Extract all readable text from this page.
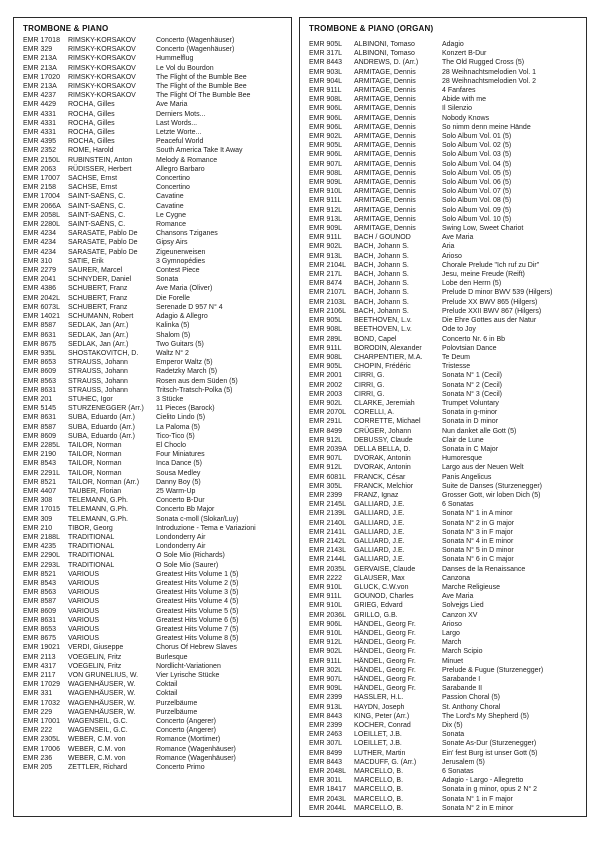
TROMBONE & PIANO
EMR 17018	RIMSKY-KORSAKOV	Concerto (Wagenhäuser)
EMR 329	RIMSKY-KORSAKOV	Concerto (Wagenhäuser)
EMR 213A	RIMSKY-KORSAKOV	Hummelflug
EMR 213A	RIMSKY-KORSAKOV	Le Vol du Bourdon
EMR 17020	RIMSKY-KORSAKOV	The Flight of the Bumble Bee
EMR 213A	RIMSKY-KORSAKOV	The Flight of the Bumble Bee
EMR 4237	RIMSKY-KORSAKOV	The Flight Of The Bumble Bee
EMR 4429	ROCHA, Gilles	Ave Maria
EMR 4331	ROCHA, Gilles	Derniers Mots...
EMR 4331	ROCHA, Gilles	Last Words...
EMR 4331	ROCHA, Gilles	Letzte Worte...
EMR 4395	ROCHA, Gilles	Peaceful World
EMR 2352	ROME, Harold	South America Take It Away
EMR 2150L	RUBINSTEIN, Anton	Melody & Romance
EMR 2063	RÜDISSER, Herbert	Allegro Barbaro
EMR 17007	SACHSE, Ernst	Concertino
EMR 2158	SACHSE, Ernst	Concertino
EMR 17004	SAINT-SAËNS, C.	Cavatine
EMR 2066A	SAINT-SAËNS, C.	Cavatine
EMR 2058L	SAINT-SAËNS, C.	Le Cygne
EMR 2280L	SAINT-SAËNS, C.	Romance
EMR 4234	SARASATE, Pablo De	Chansons Tziganes
EMR 4234	SARASATE, Pablo De	Gipsy Airs
EMR 4234	SARASATE, Pablo De	Zigeunerweisen
EMR 310	SATIE, Erik	3 Gymnopédies
EMR 2279	SAURER, Marcel	Contest Piece
EMR 2041	SCHNYDER, Daniel	Sonata
EMR 4386	SCHUBERT, Franz	Ave Maria (Oliver)
EMR 2042L	SCHUBERT, Franz	Die Forelle
EMR 6073L	SCHUBERT, Franz	Serenade D 957 N° 4
EMR 14021	SCHUMANN, Robert	Adagio & Allegro
EMR 8587	SEDLAK, Jan (Arr.)	Kalinka (5)
EMR 8631	SEDLAK, Jan (Arr.)	Shalom (5)
EMR 8675	SEDLAK, Jan (Arr.)	Two Guitars (5)
EMR 935L	SHOSTAKOVITCH, D.	Waltz N° 2
EMR 8653	STRAUSS, Johann	Emperor Waltz (5)
EMR 8609	STRAUSS, Johann	Radetzky March (5)
EMR 8563	STRAUSS, Johann	Rosen aus dem Süden (5)
EMR 8631	STRAUSS, Johann	Tritsch-Tratsch-Polka (5)
EMR 201	STUHEC, Igor	3 Stücke
EMR 5145	STURZENEGGER (Arr.)	11 Pieces (Barock)
EMR 8631	SUBA, Eduardo (Arr.)	Cielito Lindo (5)
EMR 8587	SUBA, Eduardo (Arr.)	La Paloma (5)
EMR 8609	SUBA, Eduardo (Arr.)	Tico-Tico (5)
EMR 2285L	TAILOR, Norman	El Choclo
EMR 2190	TAILOR, Norman	Four Miniatures
EMR 8543	TAILOR, Norman	Inca Dance (5)
EMR 2291L	TAILOR, Norman	Sousa Medley
EMR 8521	TAILOR, Norman (Arr.)	Danny Boy (5)
EMR 4407	TAUBER, Florian	25 Warm-Up
EMR 308	TELEMANN, G.Ph.	Concerto B-Dur
EMR 17015	TELEMANN, G.Ph.	Concerto Bb Major
EMR 309	TELEMANN, G.Ph.	Sonata c-moll (Slokar/Luy)
EMR 210	TIBOR, Georg	Introduzione - Tema e Variazioni
EMR 2188L	TRADITIONAL	Londonderry Air
EMR 4235	TRADITIONAL	Londonderry Air
EMR 2290L	TRADITIONAL	O Sole Mio (Richards)
EMR 2293L	TRADITIONAL	O Sole Mio (Saurer)
EMR 8521	VARIOUS	Greatest Hits Volume 1 (5)
EMR 8543	VARIOUS	Greatest Hits Volume 2 (5)
EMR 8563	VARIOUS	Greatest Hits Volume 3 (5)
EMR 8587	VARIOUS	Greatest Hits Volume 4 (5)
EMR 8609	VARIOUS	Greatest Hits Volume 5 (5)
EMR 8631	VARIOUS	Greatest Hits Volume 6 (5)
EMR 8653	VARIOUS	Greatest Hits Volume 7 (5)
EMR 8675	VARIOUS	Greatest Hits Volume 8 (5)
EMR 19021	VERDI, Giuseppe	Chorus Of Hebrew Slaves
EMR 2113	VOEGELIN, Fritz	Burlesque
EMR 4317	VOEGELIN, Fritz	Nordlicht-Variationen
EMR 2117	VON GRUNELIUS, W.	Vier Lyrische Stücke
EMR 17029	WAGENHÄUSER, W.	Coktail
EMR 331	WAGENHÄUSER, W.	Coktail
EMR 17032	WAGENHÄUSER, W.	Purzelbäume
EMR 229	WAGENHÄUSER, W.	Purzelbäume
EMR 17001	WAGENSEIL, G.C.	Concerto (Angerer)
EMR 222	WAGENSEIL, G.C.	Concerto (Angerer)
EMR 2305L	WEBER, C.M. von	Romance (Mortimer)
EMR 17006	WEBER, C.M. von	Romance (Wagenhäuser)
EMR 236	WEBER, C.M. von	Romance (Wagenhäuser)
EMR 205	ZETTLER, Richard	Concerto Primo
TROMBONE & PIANO (ORGAN)
EMR 905L	ALBINONI, Tomaso	Adagio
EMR 317L	ALBINONI, Tomaso	Konzert B-Dur
EMR 8443	ANDREWS, D. (Arr.)	The Old Rugged Cross (5)
EMR 903L	ARMITAGE, Dennis	28 Weihnachtsmelodien Vol. 1
EMR 904L	ARMITAGE, Dennis	28 Weihnachtsmelodien Vol. 2
EMR 911L	ARMITAGE, Dennis	4 Fanfares
EMR 908L	ARMITAGE, Dennis	Abide with me
EMR 906L	ARMITAGE, Dennis	Il Silenzio
EMR 906L	ARMITAGE, Dennis	Nobody Knows
EMR 906L	ARMITAGE, Dennis	So nimm denn meine Hände
EMR 902L	ARMITAGE, Dennis	Solo Album Vol. 01 (5)
EMR 905L	ARMITAGE, Dennis	Solo Album Vol. 02 (5)
EMR 906L	ARMITAGE, Dennis	Solo Album Vol. 03 (5)
EMR 907L	ARMITAGE, Dennis	Solo Album Vol. 04 (5)
EMR 908L	ARMITAGE, Dennis	Solo Album Vol. 05 (5)
EMR 909L	ARMITAGE, Dennis	Solo Album Vol. 06 (5)
EMR 910L	ARMITAGE, Dennis	Solo Album Vol. 07 (5)
EMR 911L	ARMITAGE, Dennis	Solo Album Vol. 08 (5)
EMR 912L	ARMITAGE, Dennis	Solo Album Vol. 09 (5)
EMR 913L	ARMITAGE, Dennis	Solo Album Vol. 10 (5)
EMR 909L	ARMITAGE, Dennis	Swing Low, Sweet Chariot
EMR 911L	BACH / GOUNOD	Ave Maria
EMR 902L	BACH, Johann S.	Aria
EMR 913L	BACH, Johann S.	Arioso
EMR 2104L	BACH, Johann S.	Chorale Prelude "Ich ruf zu Dir"
EMR 217L	BACH, Johann S.	Jesu, meine Freude (Reift)
EMR 8474	BACH, Johann S.	Lobe den Herrn (5)
EMR 2107L	BACH, Johann S.	Prelude D minor BWV 539 (Hilgers)
EMR 2103L	BACH, Johann S.	Prelude XX BWV 865 (Hilgers)
EMR 2106L	BACH, Johann S.	Prelude XXII BWV 867 (Hilgers)
EMR 905L	BEETHOVEN, L.v.	Die Ehre Gottes aus der Natur
EMR 908L	BEETHOVEN, L.v.	Ode to Joy
EMR 289L	BOND, Capel	Concerto Nr. 6 in Bb
EMR 911L	BORODIN, Alexander	Polovtsian Dance
EMR 908L	CHARPENTIER, M.A.	Te Deum
EMR 905L	CHOPIN, Frédéric	Tristesse
EMR 2001	CIRRI, G.	Sonata N° 1 (Cecil)
EMR 2002	CIRRI, G.	Sonata N° 2 (Cecil)
EMR 2003	CIRRI, G.	Sonata N° 3 (Cecil)
EMR 902L	CLARKE, Jeremiah	Trumpet Voluntary
EMR 2070L	CORELLI, A.	Sonata in g-minor
EMR 291L	CORRETTE, Michael	Sonata in D minor
EMR 8499	CRÜGER, Johann	Nun danket alle Gott (5)
EMR 912L	DEBUSSY, Claude	Clair de Lune
EMR 2039A	DELLA BELLA, D.	Sonata in C Major
EMR 907L	DVORAK, Antonin	Humoresque
EMR 912L	DVORAK, Antonin	Largo aus der Neuen Welt
EMR 6081L	FRANCK, César	Panis Angelicus
EMR 305L	FRANCK, Melchior	Suite de Danses (Sturzenegger)
EMR 2399	FRANZ, Ignaz	Grosser Gott, wir loben Dich (5)
EMR 2145L	GALLIARD, J.E.	6 Sonatas
EMR 2139L	GALLIARD, J.E.	Sonata N° 1 in A minor
EMR 2140L	GALLIARD, J.E.	Sonata N° 2 in G major
EMR 2141L	GALLIARD, J.E.	Sonata N° 3 in F major
EMR 2142L	GALLIARD, J.E.	Sonata N° 4 in E minor
EMR 2143L	GALLIARD, J.E.	Sonata N° 5 in D minor
EMR 2144L	GALLIARD, J.E.	Sonata N° 6 in C major
EMR 2035L	GERVAISE, Claude	Danses de la Renaissance
EMR 2222	GLAUSER, Max	Canzona
EMR 910L	GLUCK, C.W.von	Marche Religieuse
EMR 911L	GOUNOD, Charles	Ave Maria
EMR 910L	GRIEG, Edvard	Solvejgs Lied
EMR 2036L	GRILLO, G.B.	Canzon XV
EMR 906L	HÄNDEL, Georg Fr.	Arioso
EMR 910L	HÄNDEL, Georg Fr.	Largo
EMR 912L	HÄNDEL, Georg Fr.	March
EMR 902L	HÄNDEL, Georg Fr.	March Scipio
EMR 911L	HÄNDEL, Georg Fr.	Minuet
EMR 302L	HÄNDEL, Georg Fr.	Prelude & Fugue (Sturzenegger)
EMR 907L	HÄNDEL, Georg Fr.	Sarabande I
EMR 909L	HÄNDEL, Georg Fr.	Sarabande II
EMR 2399	HASSLER, H.L.	Passion Choral (5)
EMR 913L	HAYDN, Joseph	St. Anthony Choral
EMR 8443	KING, Peter (Arr.)	The Lord's My Shepherd (5)
EMR 2399	KOCHER, Conrad	Dix (5)
EMR 2463	LOEILLET, J.B.	Sonata
EMR 307L	LOEILLET, J.B.	Sonate As-Dur (Sturzenegger)
EMR 8499	LUTHER, Martin	Ein' fest Burg ist unser Gott (5)
EMR 8443	MACDUFF, G. (Arr.)	Jerusalem (5)
EMR 2048L	MARCELLO, B.	6 Sonatas
EMR 301L	MARCELLO, B.	Adagio - Largo - Allegretto
EMR 18417	MARCELLO, B.	Sonata in g minor, opus 2 N° 2
EMR 2043L	MARCELLO, B.	Sonata N° 1 in F major
EMR 2044L	MARCELLO, B.	Sonata N° 2 in E minor
